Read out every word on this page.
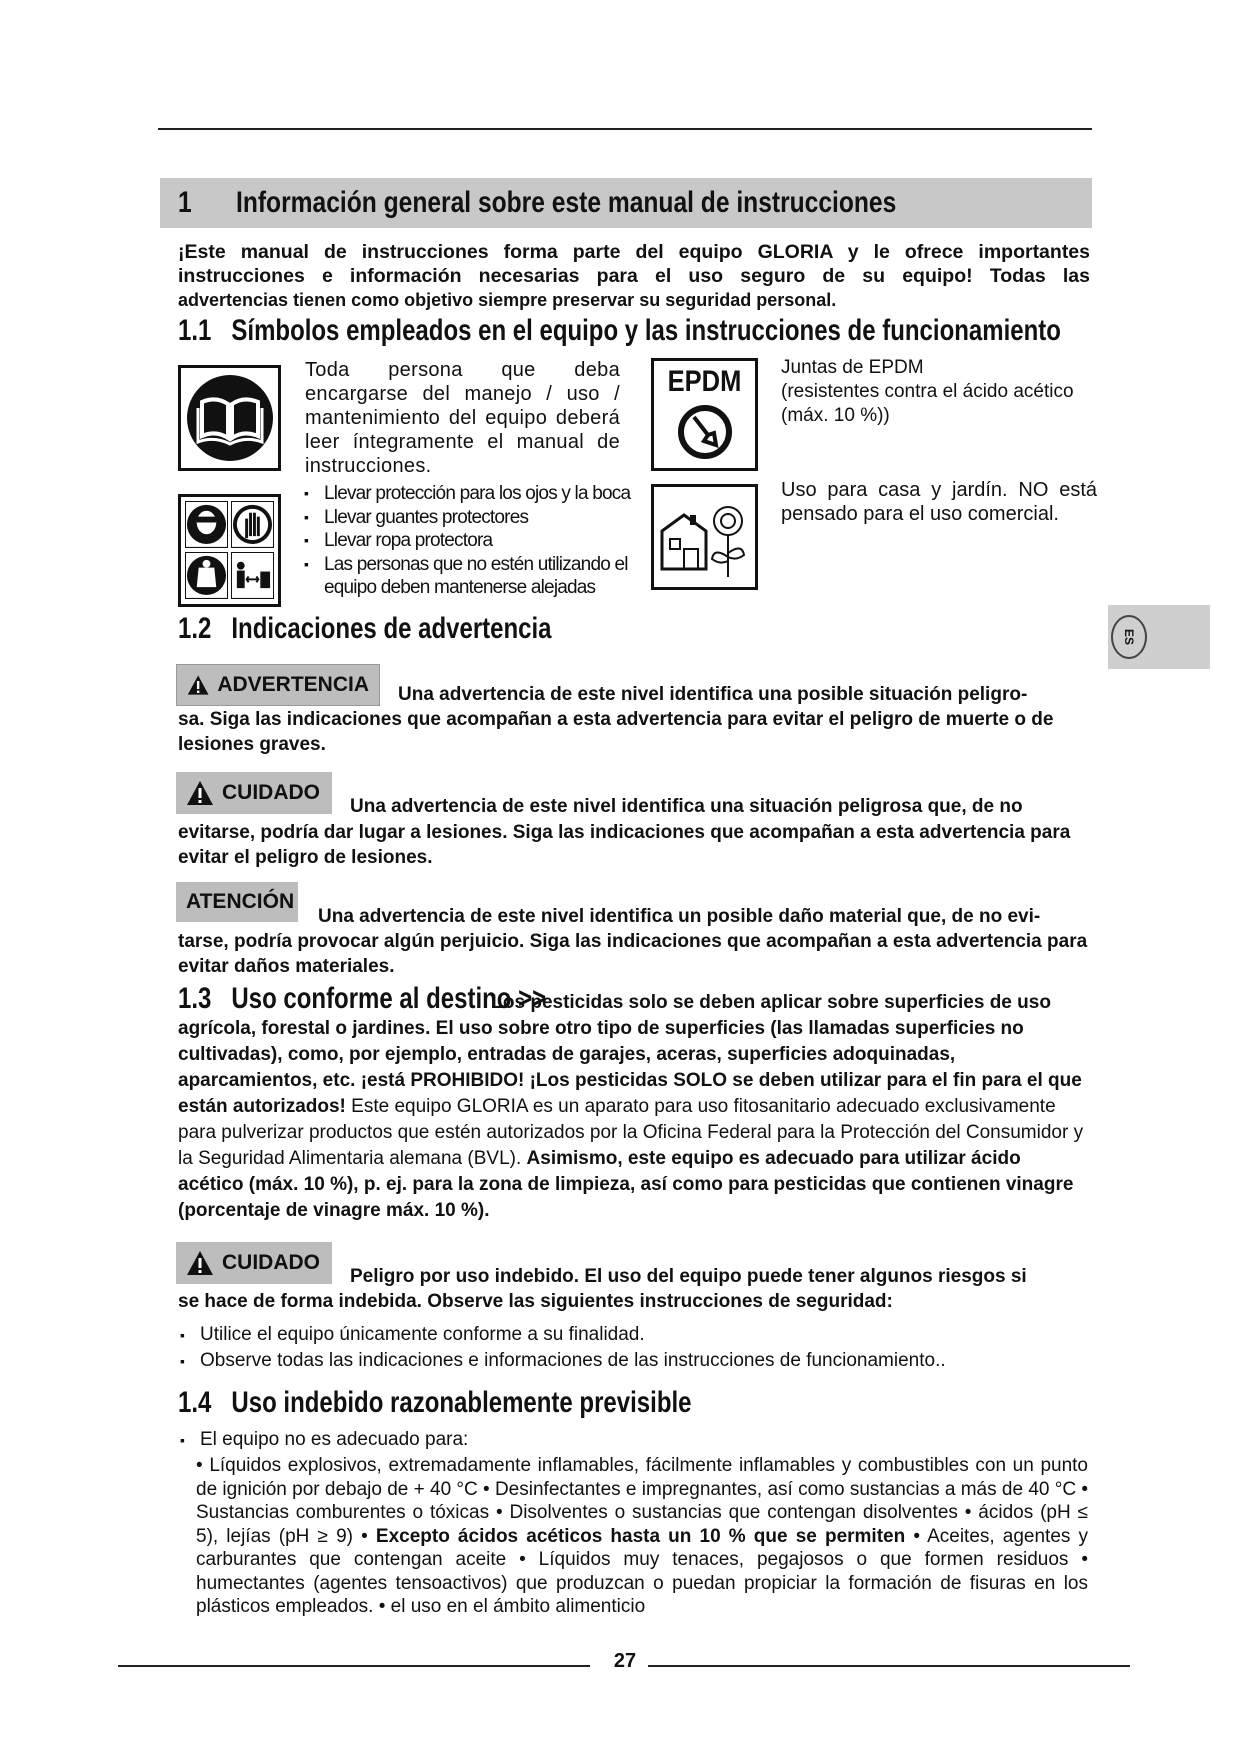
1 Información general sobre este manual de instrucciones
¡Este manual de instrucciones forma parte del equipo GLORIA y le ofrece importantes
instrucciones e información necesarias para el uso seguro de su equipo! Todas las
advertencias tienen como objetivo siempre preservar su seguridad personal.
1.1 Símbolos empleados en el equipo y las instrucciones de funcionamiento
Toda persona que deba encargarse del manejo / uso / mantenimiento del equipo deberá leer íntegramente el manual de instrucciones.
▪ Llevar protección para los ojos y la boca
▪ Llevar guantes protectores
▪ Llevar ropa protectora
▪ Las personas que no estén utilizando el equipo deben mantenerse alejadas
EPDM	Juntas de EPDM
(resistentes contra el ácido acético
(máx. 10 %))
Uso para casa y jardín. NO está pensado para el uso comercial.
1.2 Indicaciones de advertencia	ES
ADVERTENCIA Una advertencia de este nivel identifica una posible situación peligro-
sa. Siga las indicaciones que acompañan a esta advertencia para evitar el peligro de muerte o de lesiones graves.
CUIDADO
Una advertencia de este nivel identifica una situación peligrosa que, de no
evitarse, podría dar lugar a lesiones. Siga las indicaciones que acompañan a esta advertencia para evitar el peligro de lesiones.
ATENCIÓN
Una advertencia de este nivel identifica un posible daño material que, de no evi-
tarse, podría provocar algún perjuicio. Siga las indicaciones que acompañan a esta advertencia para evitar daños materiales.
1.3 Uso conforme al destino >> Los pesticidas solo se deben aplicar sobre superficies de uso agrícola, forestal o jardines. El uso sobre otro tipo de superficies (las llamadas superficies no cultivadas), como, por ejemplo, entradas de garajes, aceras, superficies adoquinadas, aparcamientos, etc. ¡está PROHIBIDO! ¡Los pesticidas SOLO se deben utilizar para el fin para el que están autorizados! Este equipo GLORIA es un aparato para uso fitosanitario adecuado exclusivamente para pulverizar productos que estén autorizados por la Oficina Federal para la Protección del Consumidor y la Seguridad Alimentaria alemana (BVL). Asimismo, este equipo es adecuado para utilizar ácido acético (máx. 10 %), p. ej. para la zona de limpieza, así como para pesticidas que contienen vinagre (porcentaje de vinagre máx. 10 %).
CUIDADO
Peligro por uso indebido. El uso del equipo puede tener algunos riesgos si
se hace de forma indebida. Observe las siguientes instrucciones de seguridad:
▪ Utilice el equipo únicamente conforme a su finalidad.
▪ Observe todas las indicaciones e informaciones de las instrucciones de funcionamiento..
1.4 Uso indebido razonablemente previsible
▪ El equipo no es adecuado para:
• Líquidos explosivos, extremadamente inflamables, fácilmente inflamables y combustibles con un punto de ignición por debajo de + 40 °C • Desinfectantes e impregnantes, así como sustancias a más de 40 °C • Sustancias comburentes o tóxicas • Disolventes o sustancias que contengan disolventes • ácidos (pH ≤ 5), lejías (pH ≥ 9) • Excepto ácidos acéticos hasta un 10 % que se permiten • Aceites, agentes y carburantes que contengan aceite • Líquidos muy tenaces, pegajosos o que formen residuos • humectantes (agentes tensoactivos) que produzcan o puedan propiciar la formación de fisuras en los plásticos empleados. • el uso en el ámbito alimenticio
27
